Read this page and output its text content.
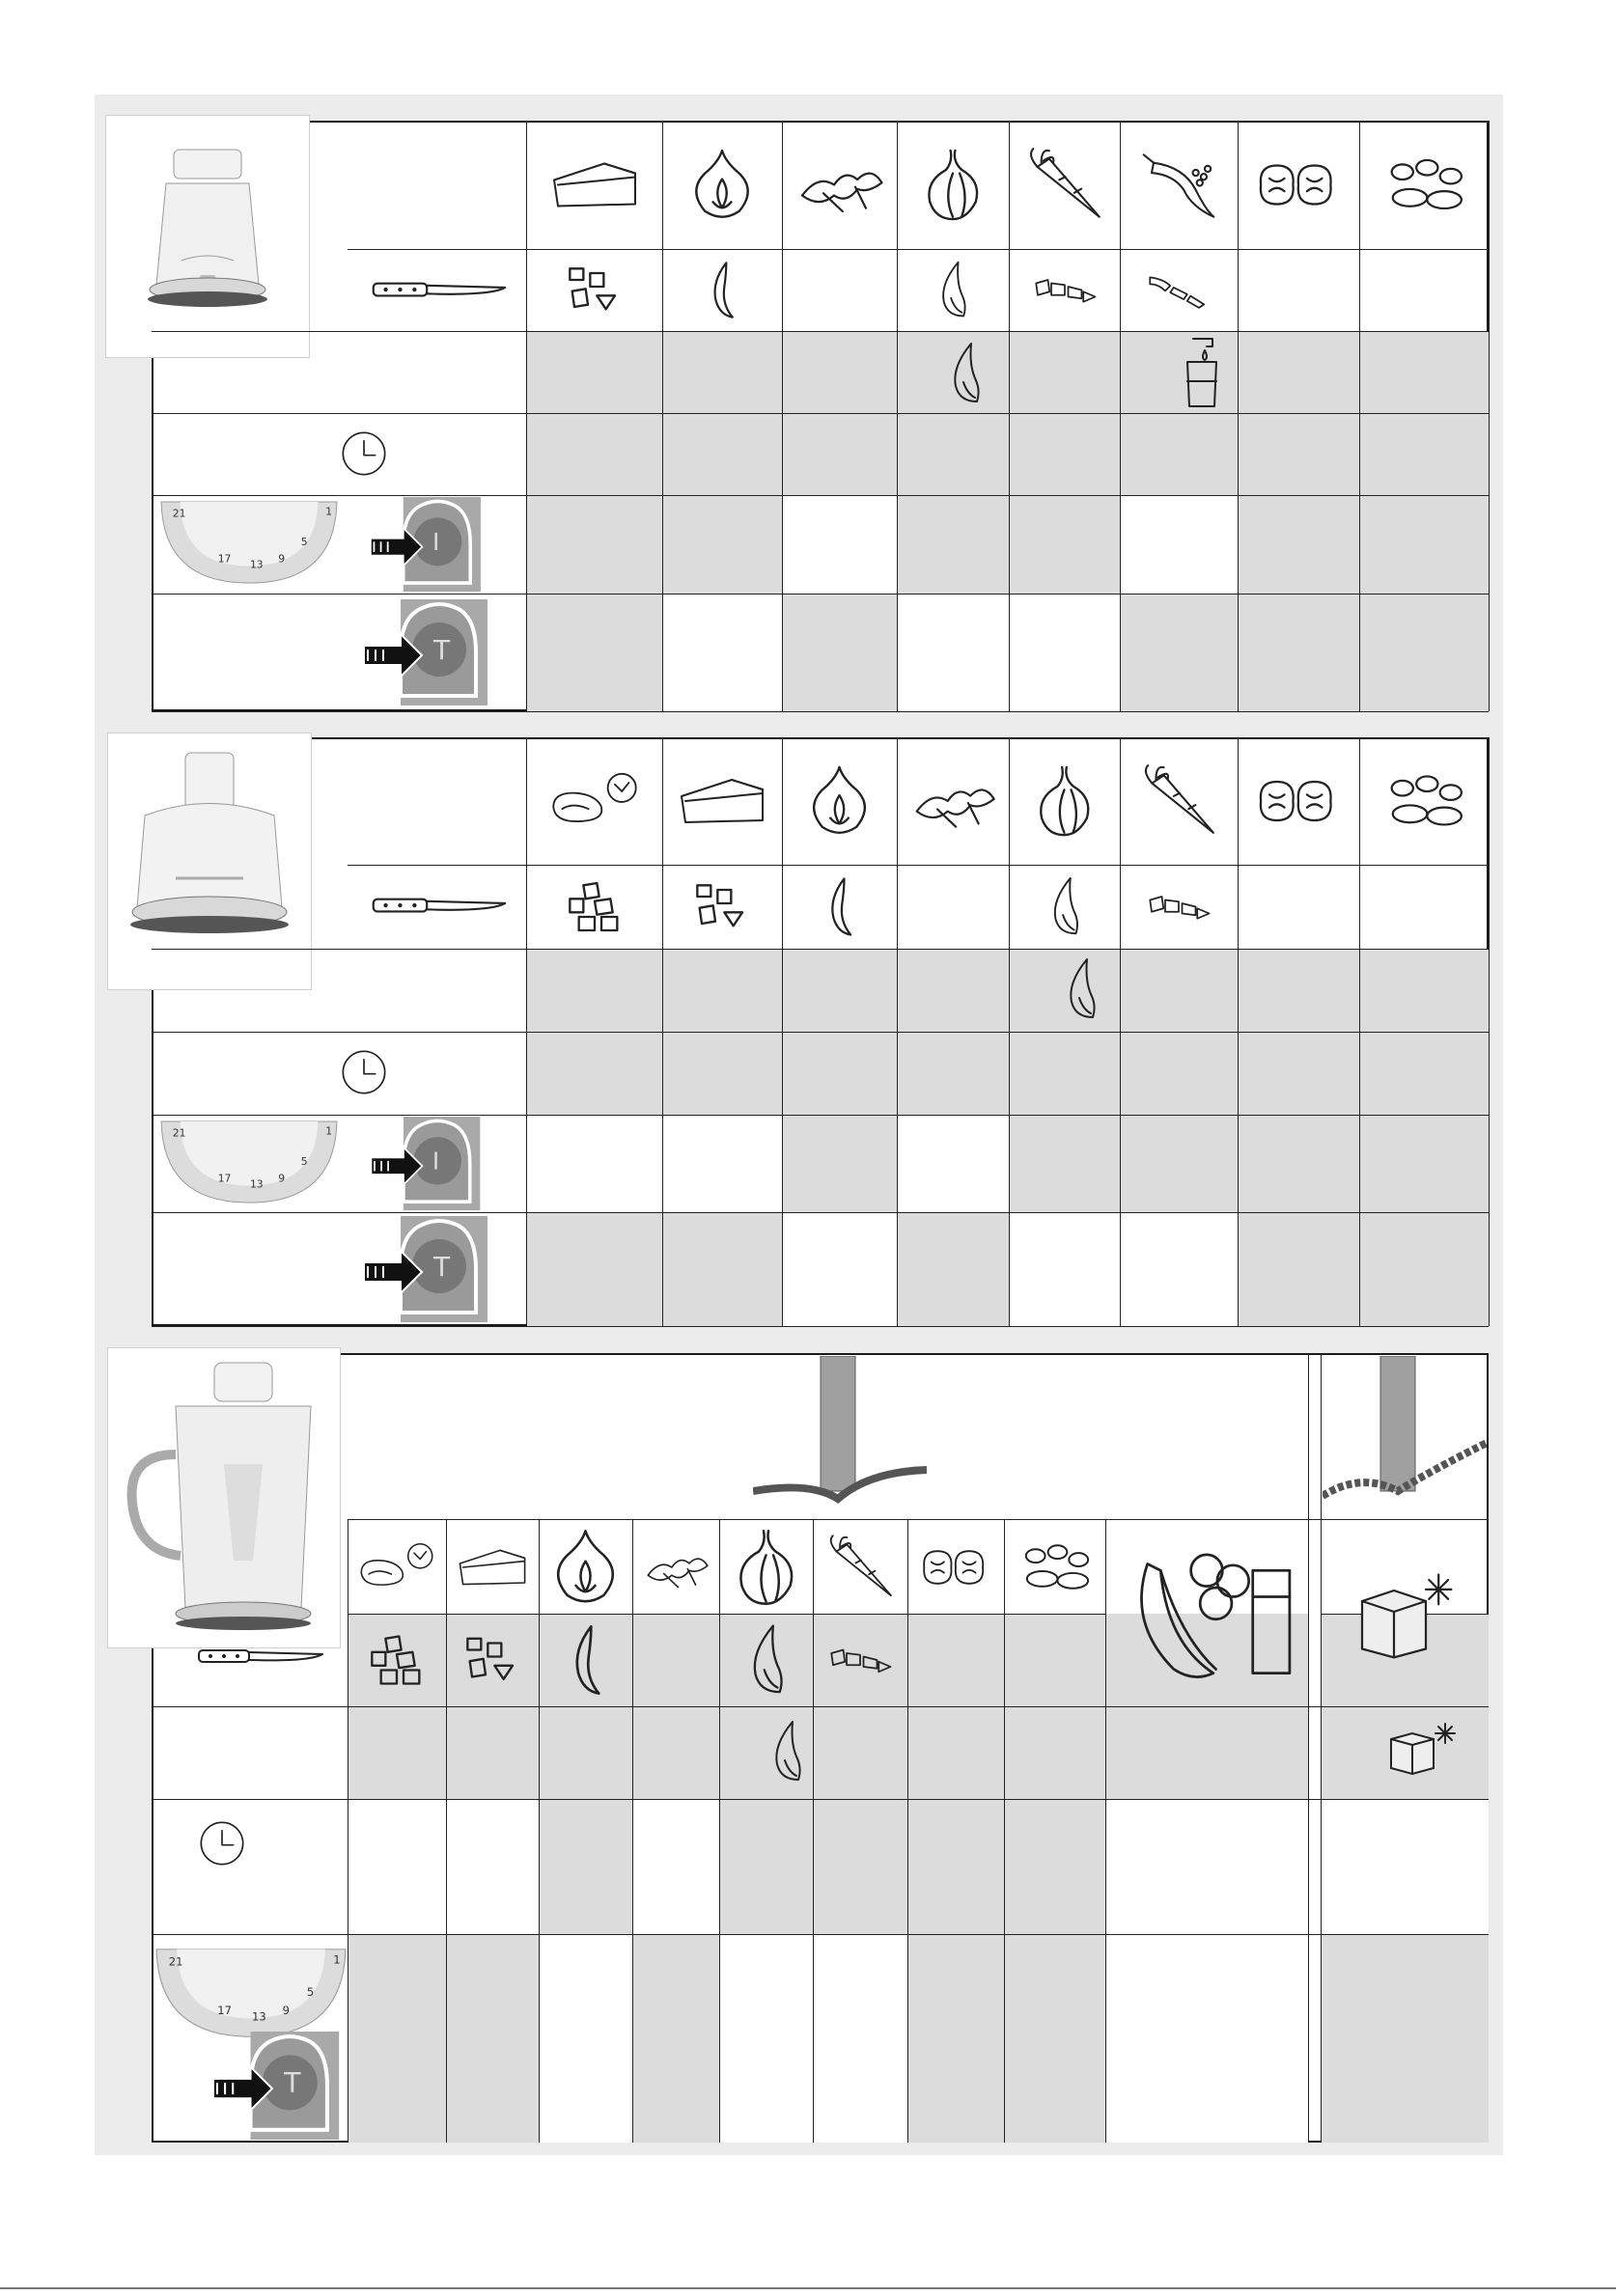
1
5
9
13
17
21
I
T
1
5
9
13
17
21
I
T
1
5
9
13
17
21
T
